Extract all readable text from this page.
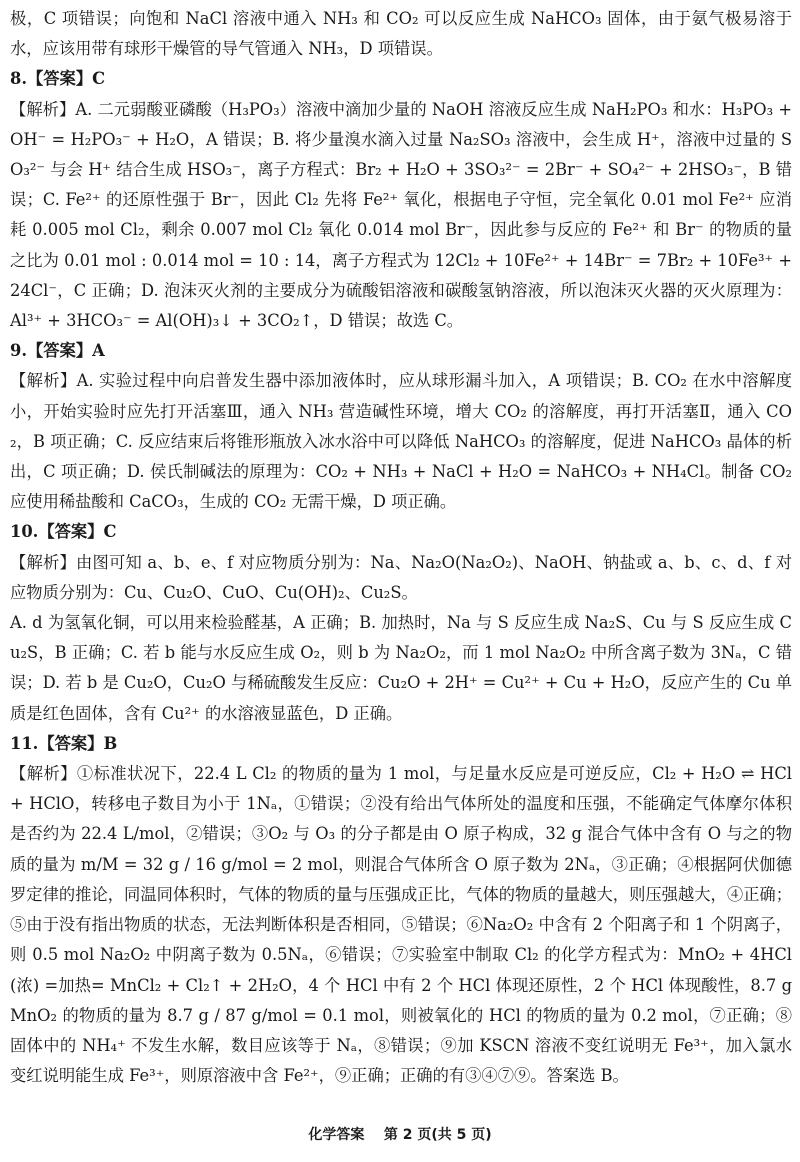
极，C 项错误；向饱和 NaCl 溶液中通入 NH₃ 和 CO₂ 可以反应生成 NaHCO₃ 固体，由于氨气极易溶于水，应该用带有球形干燥管的导气管通入 NH₃，D 项错误。

8.【答案】C

【解析】A. 二元弱酸亚磷酸（H₃PO₃）溶液中滴加少量的 NaOH 溶液反应生成 NaH₂PO₃ 和水：H₃PO₃ + OH⁻ = H₂PO₃⁻ + H₂O，A 错误；B. 将少量溴水滴入过量 Na₂SO₃ 溶液中，会生成 H⁺，溶液中过量的 SO₃²⁻ 与会 H⁺ 结合生成 HSO₃⁻，离子方程式：Br₂ + H₂O + 3SO₃²⁻ = 2Br⁻ + SO₄²⁻ + 2HSO₃⁻，B 错误；C. Fe²⁺ 的还原性强于 Br⁻，因此 Cl₂ 先将 Fe²⁺ 氧化，根据电子守恒，完全氧化 0.01 mol Fe²⁺ 应消耗 0.005 mol Cl₂，剩余 0.007 mol Cl₂ 氧化 0.014 mol Br⁻，因此参与反应的 Fe²⁺ 和 Br⁻ 的物质的量之比为 0.01 mol : 0.014 mol = 10 : 14，离子方程式为 12Cl₂ + 10Fe²⁺ + 14Br⁻ = 7Br₂ + 10Fe³⁺ + 24Cl⁻，C 正确；D. 泡沫灭火剂的主要成分为硫酸铝溶液和碳酸氢钠溶液，所以泡沫灭火器的灭火原理为：Al³⁺ + 3HCO₃⁻ = Al(OH)₃↓ + 3CO₂↑，D 错误；故选 C。

9.【答案】A

【解析】A. 实验过程中向启普发生器中添加液体时，应从球形漏斗加入，A 项错误；B. CO₂ 在水中溶解度小，开始实验时应先打开活塞Ⅲ，通入 NH₃ 营造碱性环境，增大 CO₂ 的溶解度，再打开活塞Ⅱ，通入 CO₂，B 项正确；C. 反应结束后将锥形瓶放入冰水浴中可以降低 NaHCO₃ 的溶解度，促进 NaHCO₃ 晶体的析出，C 项正确；D. 侯氏制碱法的原理为：CO₂ + NH₃ + NaCl + H₂O = NaHCO₃ + NH₄Cl。制备 CO₂ 应使用稀盐酸和 CaCO₃，生成的 CO₂ 无需干燥，D 项正确。

10.【答案】C

【解析】由图可知 a、b、e、f 对应物质分别为：Na、Na₂O(Na₂O₂)、NaOH、钠盐或 a、b、c、d、f 对应物质分别为：Cu、Cu₂O、CuO、Cu(OH)₂、Cu₂S。

A. d 为氢氧化铜，可以用来检验醛基，A 正确；B. 加热时，Na 与 S 反应生成 Na₂S、Cu 与 S 反应生成 Cu₂S，B 正确；C. 若 b 能与水反应生成 O₂，则 b 为 Na₂O₂，而 1 mol Na₂O₂ 中所含离子数为 3Nₐ，C 错误；D. 若 b 是 Cu₂O，Cu₂O 与稀硫酸发生反应：Cu₂O + 2H⁺ = Cu²⁺ + Cu + H₂O，反应产生的 Cu 单质是红色固体，含有 Cu²⁺ 的水溶液显蓝色，D 正确。

11.【答案】B

【解析】①标准状况下，22.4 L Cl₂ 的物质的量为 1 mol，与足量水反应是可逆反应，Cl₂ + H₂O ⇌ HCl + HClO，转移电子数目为小于 1Nₐ，①错误；②没有给出气体所处的温度和压强，不能确定气体摩尔体积是否约为 22.4 L/mol，②错误；③O₂ 与 O₃ 的分子都是由 O 原子构成，32 g 混合气体中含有 O 与之的物质的量为 m/M = 32 g / 16 g/mol = 2 mol，则混合气体所含 O 原子数为 2Nₐ，③正确；④根据阿伏伽德罗定律的推论，同温同体积时，气体的物质的量与压强成正比，气体的物质的量越大，则压强越大，④正确；⑤由于没有指出物质的状态，无法判断体积是否相同，⑤错误；⑥Na₂O₂ 中含有 2 个阳离子和 1 个阴离子，则 0.5 mol Na₂O₂ 中阴离子数为 0.5Nₐ，⑥错误；⑦实验室中制取 Cl₂ 的化学方程式为：MnO₂ + 4HCl(浓) =加热= MnCl₂ + Cl₂↑ + 2H₂O，4 个 HCl 中有 2 个 HCl 体现还原性，2 个 HCl 体现酸性，8.7 g MnO₂ 的物质的量为 8.7 g / 87 g/mol = 0.1 mol，则被氧化的 HCl 的物质的量为 0.2 mol，⑦正确；⑧固体中的 NH₄⁺ 不发生水解，数目应该等于 Nₐ，⑧错误；⑨加 KSCN 溶液不变红说明无 Fe³⁺，加入氯水变红说明能生成 Fe³⁺，则原溶液中含 Fe²⁺，⑨正确；正确的有③④⑦⑨。答案选 B。

化学答案 第 2 页(共 5 页)
